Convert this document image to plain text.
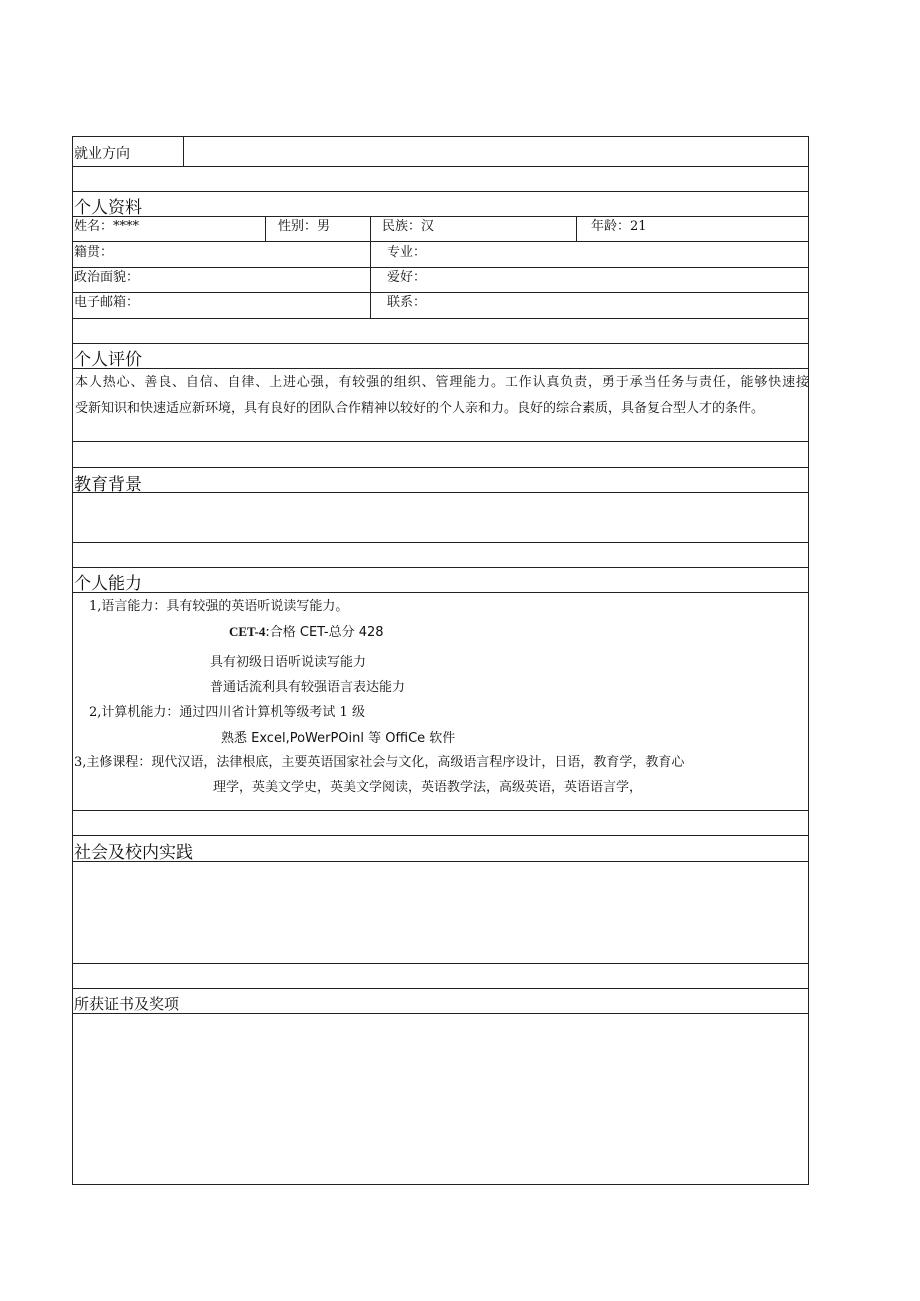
就业方向
个人资料
姓名：****	性别：男	民族：汉	年龄：21
籍贯：	专业：
政治面貌：	爱好：
电子邮箱：	联系：
个人评价
本人热心、善良、自信、自律、上进心强，有较强的组织、管理能力。工作认真负责，勇于承当任务与责任，能够快速接
受新知识和快速适应新环境，具有良好的团队合作精神以较好的个人亲和力。良好的综合素质，具备复合型人才的条件。
教育背景
个人能力
1,语言能力：具有较强的英语听说读写能力。
CET-4:合格 CET-总分 428
具有初级日语听说读写能力
普通话流利具有较强语言表达能力
2,计算机能力：通过四川省计算机等级考试 1 级
熟悉 Excel,PoWerPOinl 等 OffiCe 软件
3,主修课程：现代汉语，法律根底，主要英语国家社会与文化，高级语言程序设计，日语，教育学，教育心
理学，英美文学史，英美文学阅读，英语教学法，高级英语，英语语言学，
社会及校内实践
所获证书及奖项
